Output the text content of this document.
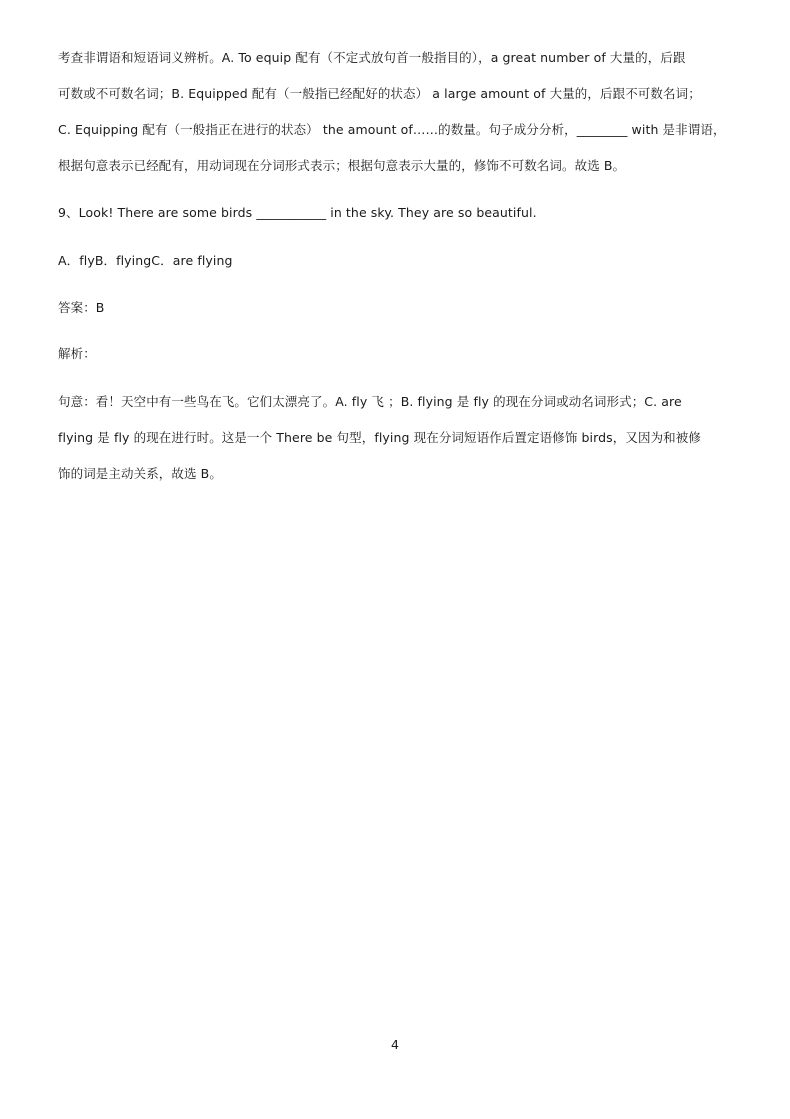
考查非谓语和短语词义辨析。A. To equip 配有（不定式放句首一般指目的），a great number of 大量的，后跟
可数或不可数名词；B. Equipped 配有（一般指已经配好的状态） a large amount of 大量的，后跟不可数名词；
C. Equipping 配有（一般指正在进行的状态） the amount of……的数量。句子成分分析，________ with 是非谓语，
根据句意表示已经配有，用动词现在分词形式表示；根据句意表示大量的，修饰不可数名词。故选 B。
9、Look! There are some birds ___________ in the sky. They are so beautiful.
A．flyB．flyingC．are flying
答案：B
解析：
句意：看！天空中有一些鸟在飞。它们太漂亮了。A. fly 飞 ；B. flying 是 fly 的现在分词或动名词形式；C. are
flying 是 fly 的现在进行时。这是一个 There be 句型，flying 现在分词短语作后置定语修饰 birds，又因为和被修
饰的词是主动关系，故选 B。
4
